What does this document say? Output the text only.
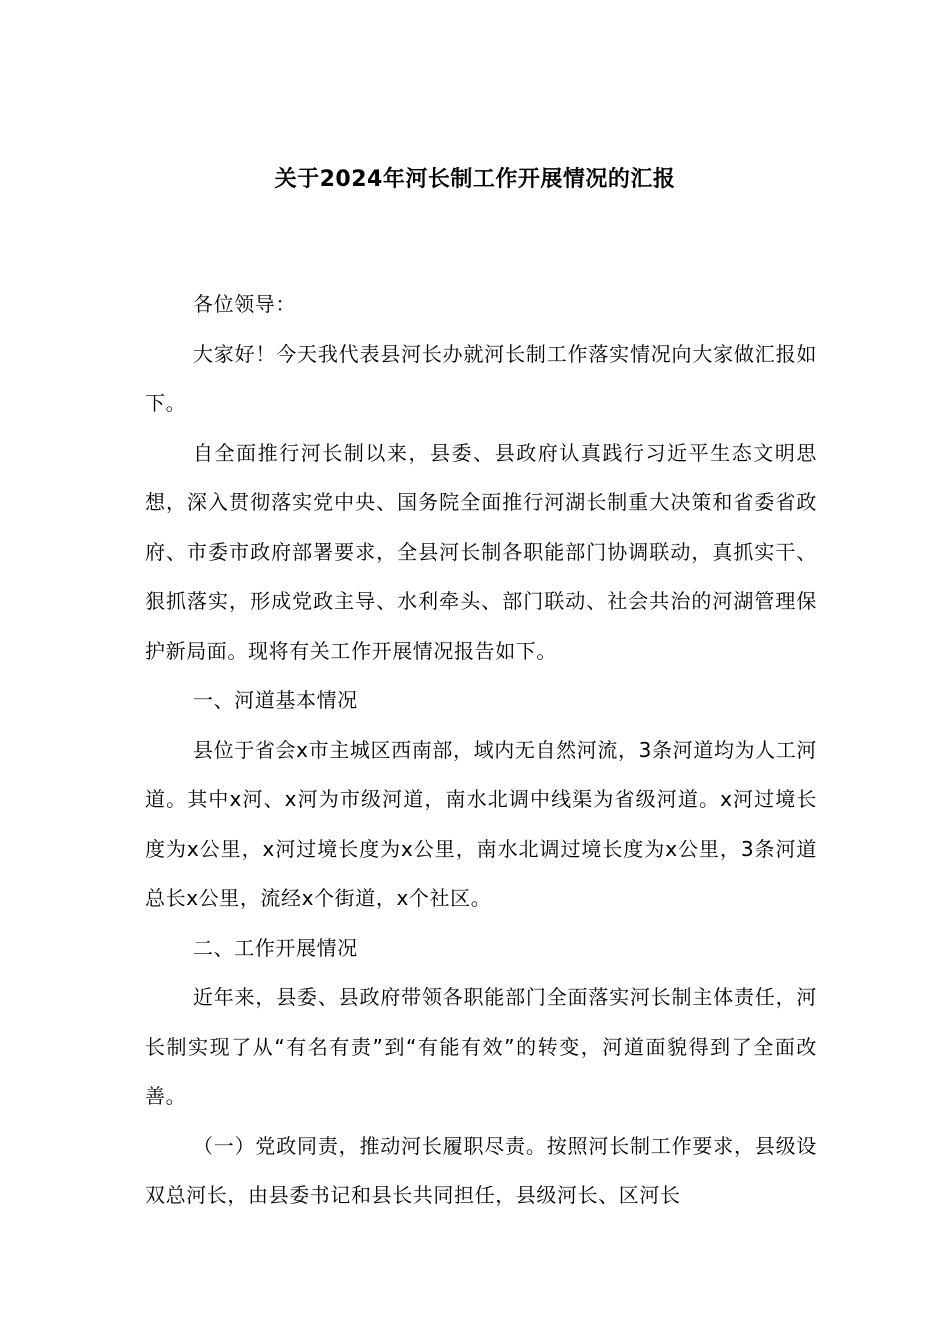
关于2024年河长制工作开展情况的汇报

各位领导：

大家好！今天我代表县河长办就河长制工作落实情况向大家做汇报如下。

自全面推行河长制以来，县委、县政府认真践行习近平生态文明思想，深入贯彻落实党中央、国务院全面推行河湖长制重大决策和省委省政府、市委市政府部署要求，全县河长制各职能部门协调联动，真抓实干、狠抓落实，形成党政主导、水利牵头、部门联动、社会共治的河湖管理保护新局面。现将有关工作开展情况报告如下。

一、河道基本情况

县位于省会x市主城区西南部，域内无自然河流，3条河道均为人工河道。其中x河、x河为市级河道，南水北调中线渠为省级河道。x河过境长度为x公里，x河过境长度为x公里，南水北调过境长度为x公里，3条河道总长x公里，流经x个街道，x个社区。

二、工作开展情况

近年来，县委、县政府带领各职能部门全面落实河长制主体责任，河长制实现了从“有名有责”到“有能有效”的转变，河道面貌得到了全面改善。

（一）党政同责，推动河长履职尽责。按照河长制工作要求，县级设双总河长，由县委书记和县长共同担任，县级河长、区河长
